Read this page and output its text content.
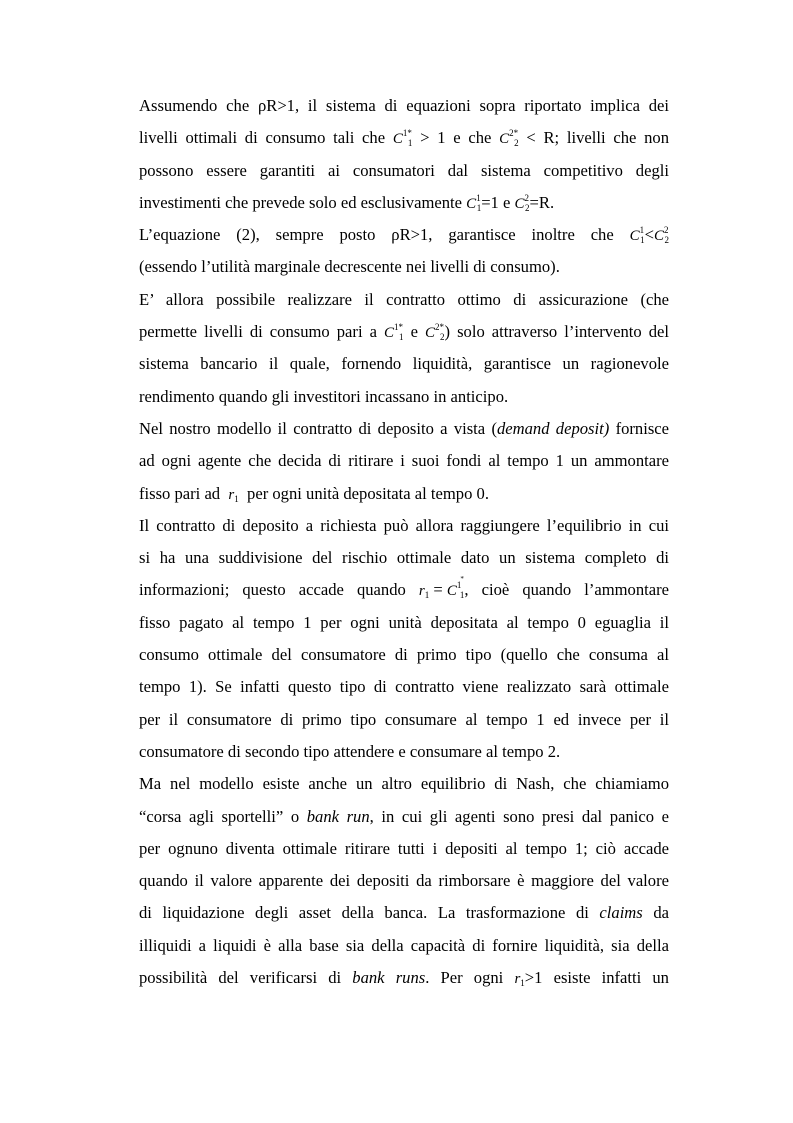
Assumendo che ρR>1, il sistema di equazioni sopra riportato implica dei
livelli ottimali di consumo tali che $C^{1*}1 > 1$ e che $C^{2*}2 < R$; livelli che non
possono essere garantiti ai consumatori dal sistema competitivo degli
investimenti che prevede solo ed esclusivamente $C^11=1$ e $C^22=R$.
L’equazione (2), sempre posto ρR>1, garantisce inoltre che $C^11<C^22$
(essendo l’utilità marginale decrescente nei livelli di consumo).
E’ allora possibile realizzare il contratto ottimo di assicurazione (che
permette livelli di consumo pari a $C^{1*}1$ e $C^{2*}2$) solo attraverso l’intervento del
sistema bancario il quale, fornendo liquidità, garantisce un ragionevole
rendimento quando gli investitori incassano in anticipo.
Nel nostro modello il contratto di deposito a vista (demand deposit) fornisce
ad ogni agente che decida di ritirare i suoi fondi al tempo 1 un ammontare
fisso pari ad r1 per ogni unità depositata al tempo 0.
Il contratto di deposito a richiesta può allora raggiungere l’equilibrio in cui
si ha una suddivisione del rischio ottimale dato un sistema completo di
informazioni; questo accade quando $r1 = C^{1*}1$, cioè quando l’ammontare
fisso pagato al tempo 1 per ogni unità depositata al tempo 0 eguaglia il
consumo ottimale del consumatore di primo tipo (quello che consuma al
tempo 1). Se infatti questo tipo di contratto viene realizzato sarà ottimale
per il consumatore di primo tipo consumare al tempo 1 ed invece per il
consumatore di secondo tipo attendere e consumare al tempo 2.
Ma nel modello esiste anche un altro equilibrio di Nash, che chiamiamo
“corsa agli sportelli” o bank run, in cui gli agenti sono presi dal panico e
per ognuno diventa ottimale ritirare tutti i depositi al tempo 1; ciò accade
quando il valore apparente dei depositi da rimborsare è maggiore del valore
di liquidazione degli asset della banca. La trasformazione di claims da
illiquidi a liquidi è alla base sia della capacità di fornire liquidità, sia della
possibilità del verificarsi di bank runs. Per ogni r1>1 esiste infatti un
